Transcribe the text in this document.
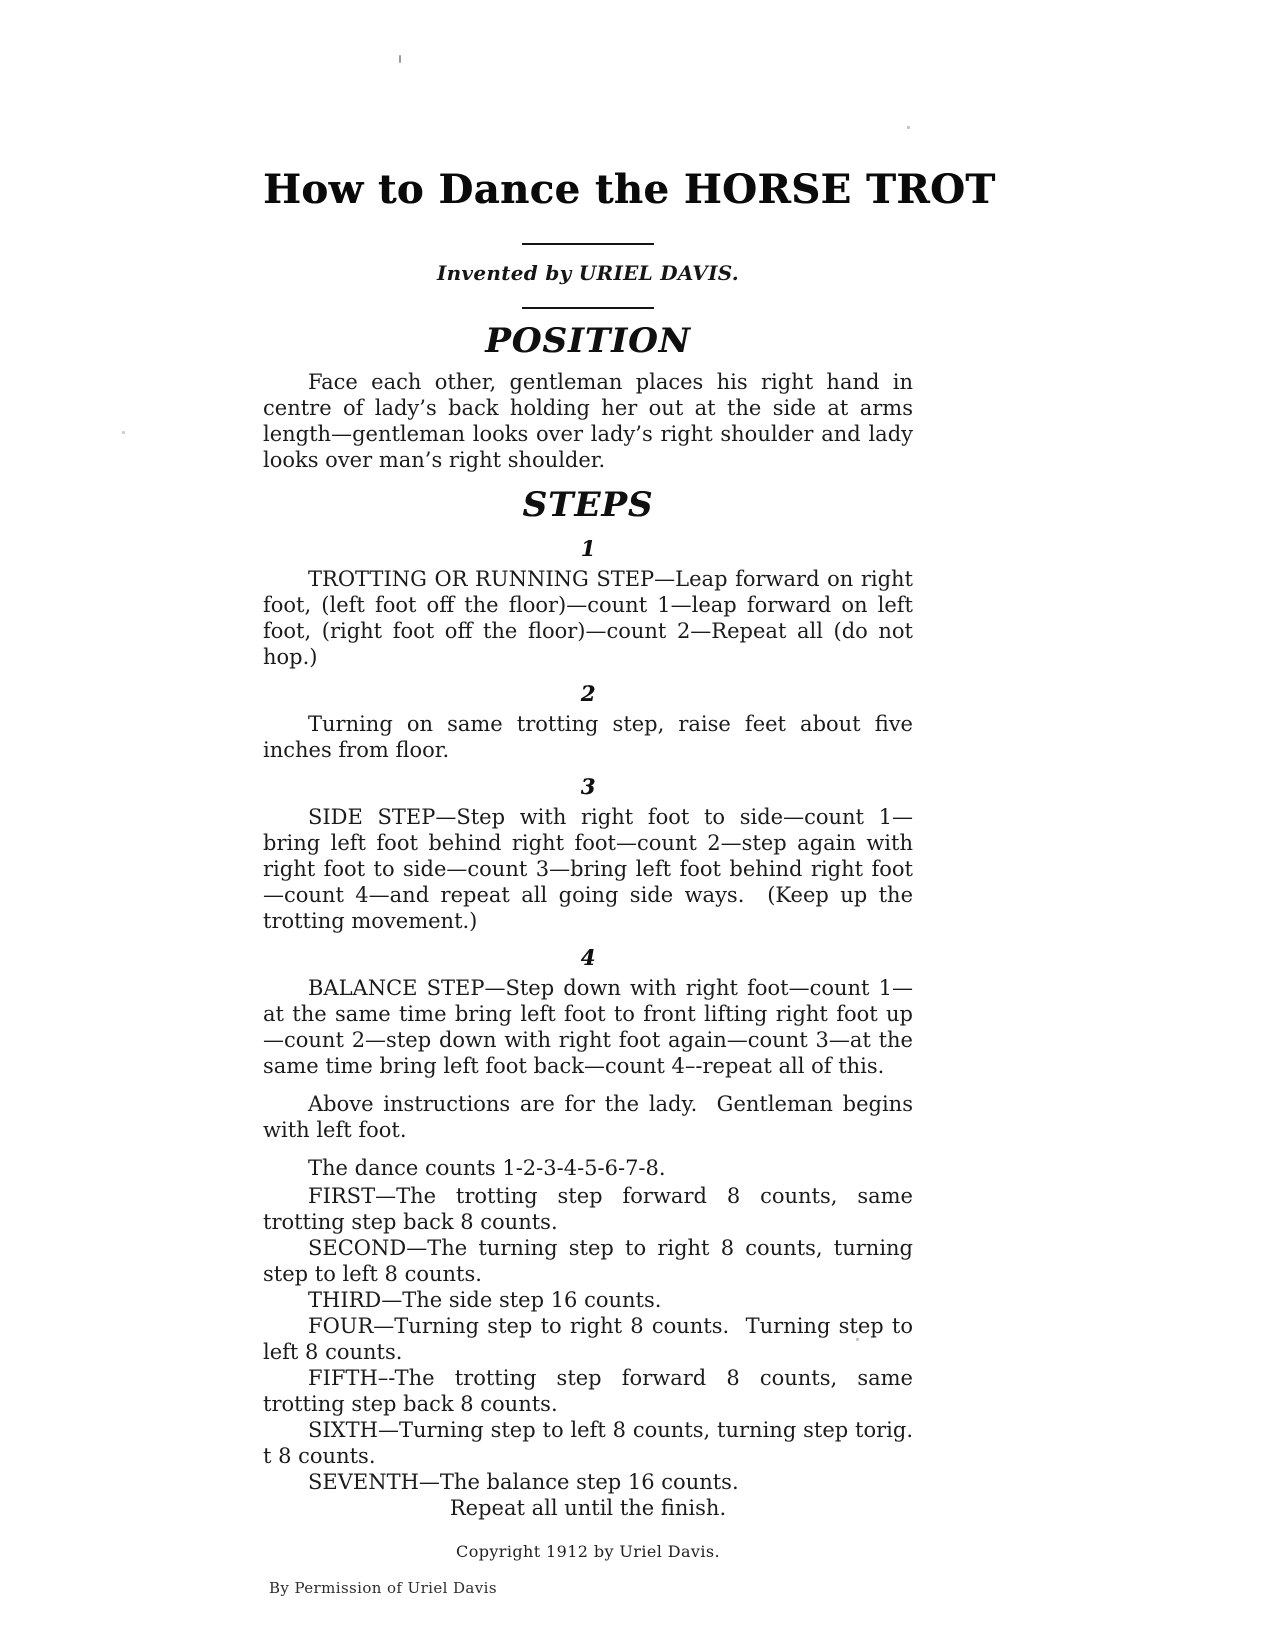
How to Dance the HORSE TROT
Invented by URIEL DAVIS.
POSITION

Face each other, gentleman places his right hand in centre of lady’s back holding her out at the side at arms length—gentleman looks over lady’s right shoulder and lady looks over man’s right shoulder.

STEPS
1

TROTTING OR RUNNING STEP—Leap forward on right foot, (left foot off the floor)—count 1—leap forward on left foot, (right foot off the floor)—count 2—Repeat all (do not hop.)

2

Turning on same trotting step, raise feet about five inches from floor.

3

SIDE STEP—Step with right foot to side—count 1—bring left foot behind right foot—count 2—step again with right foot to side—count 3—bring left foot behind right foot—count 4—and repeat all going side ways.  (Keep up the trotting movement.)

4

BALANCE STEP—Step down with right foot—count 1—at the same time bring left foot to front lifting right foot up—count 2—step down with right foot again—count 3—at the same time bring left foot back—count 4–-repeat all of this.

Above instructions are for the lady.  Gentleman begins with left foot.

The dance counts 1-2-3-4-5-6-7-8.

FIRST—The trotting step forward 8 counts, same trotting step back 8 counts.

SECOND—The turning step to right 8 counts, turning step to left 8 counts.

THIRD—The side step 16 counts.

FOUR—Turning step to right 8 counts.  Turning step to left 8 counts.

FIFTH–-The trotting step forward 8 counts, same trotting step back 8 counts.

SIXTH—Turning step to left 8 counts, turning step torig. t 8 counts.

SEVENTH—The balance step 16 counts.

Repeat all until the finish.

Copyright 1912 by Uriel Davis.
By Permission of Uriel Davis
